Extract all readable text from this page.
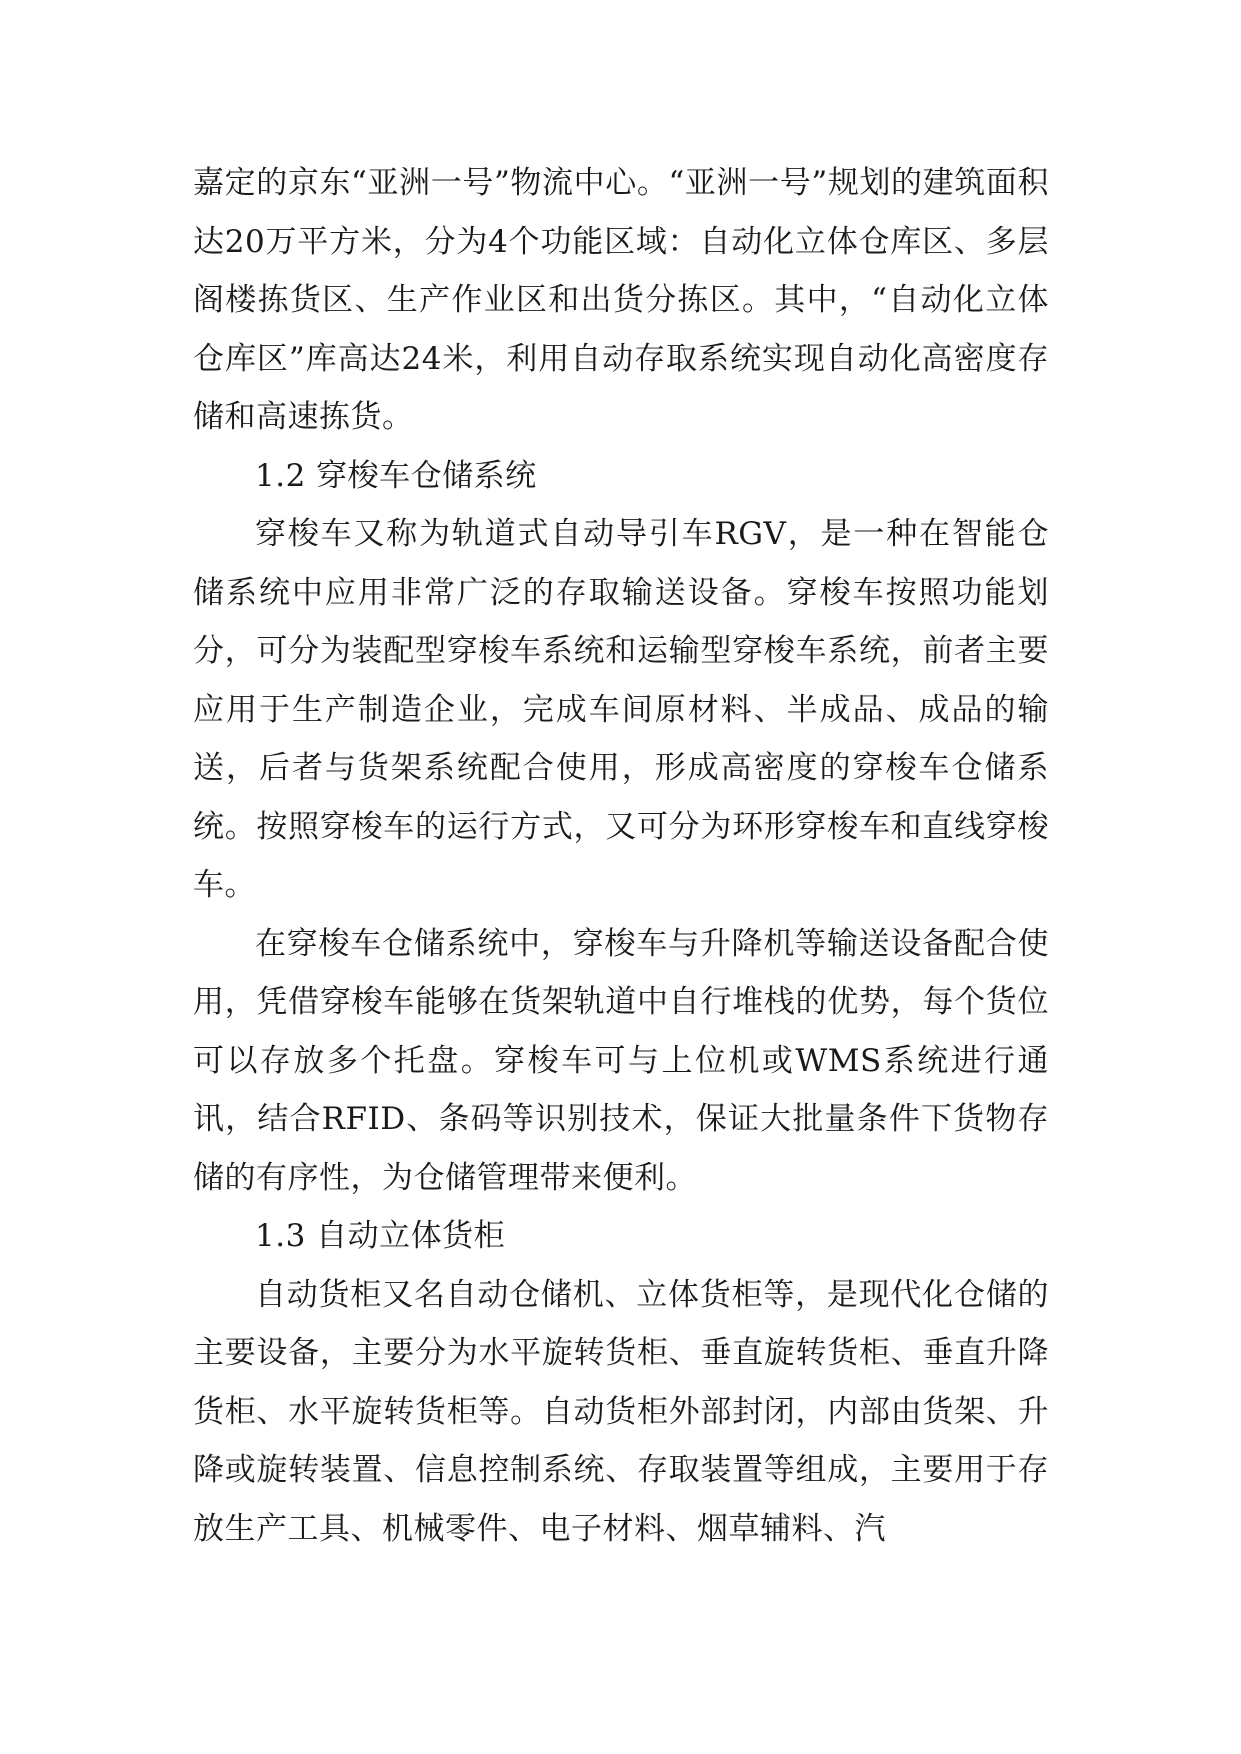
嘉定的京东“亚洲一号”物流中心。“亚洲一号”规划的建筑面积达20万平方米，分为4个功能区域：自动化立体仓库区、多层阁楼拣货区、生产作业区和出货分拣区。其中，“自动化立体仓库区”库高达24米，利用自动存取系统实现自动化高密度存储和高速拣货。

1.2 穿梭车仓储系统

穿梭车又称为轨道式自动导引车RGV，是一种在智能仓储系统中应用非常广泛的存取输送设备。穿梭车按照功能划分，可分为装配型穿梭车系统和运输型穿梭车系统，前者主要应用于生产制造企业，完成车间原材料、半成品、成品的输送，后者与货架系统配合使用，形成高密度的穿梭车仓储系统。按照穿梭车的运行方式，又可分为环形穿梭车和直线穿梭车。

在穿梭车仓储系统中，穿梭车与升降机等输送设备配合使用，凭借穿梭车能够在货架轨道中自行堆栈的优势，每个货位可以存放多个托盘。穿梭车可与上位机或WMS系统进行通讯，结合RFID、条码等识别技术，保证大批量条件下货物存储的有序性，为仓储管理带来便利。

1.3 自动立体货柜

自动货柜又名自动仓储机、立体货柜等，是现代化仓储的主要设备，主要分为水平旋转货柜、垂直旋转货柜、垂直升降货柜、水平旋转货柜等。自动货柜外部封闭，内部由货架、升降或旋转装置、信息控制系统、存取装置等组成，主要用于存放生产工具、机械零件、电子材料、烟草辅料、汽
